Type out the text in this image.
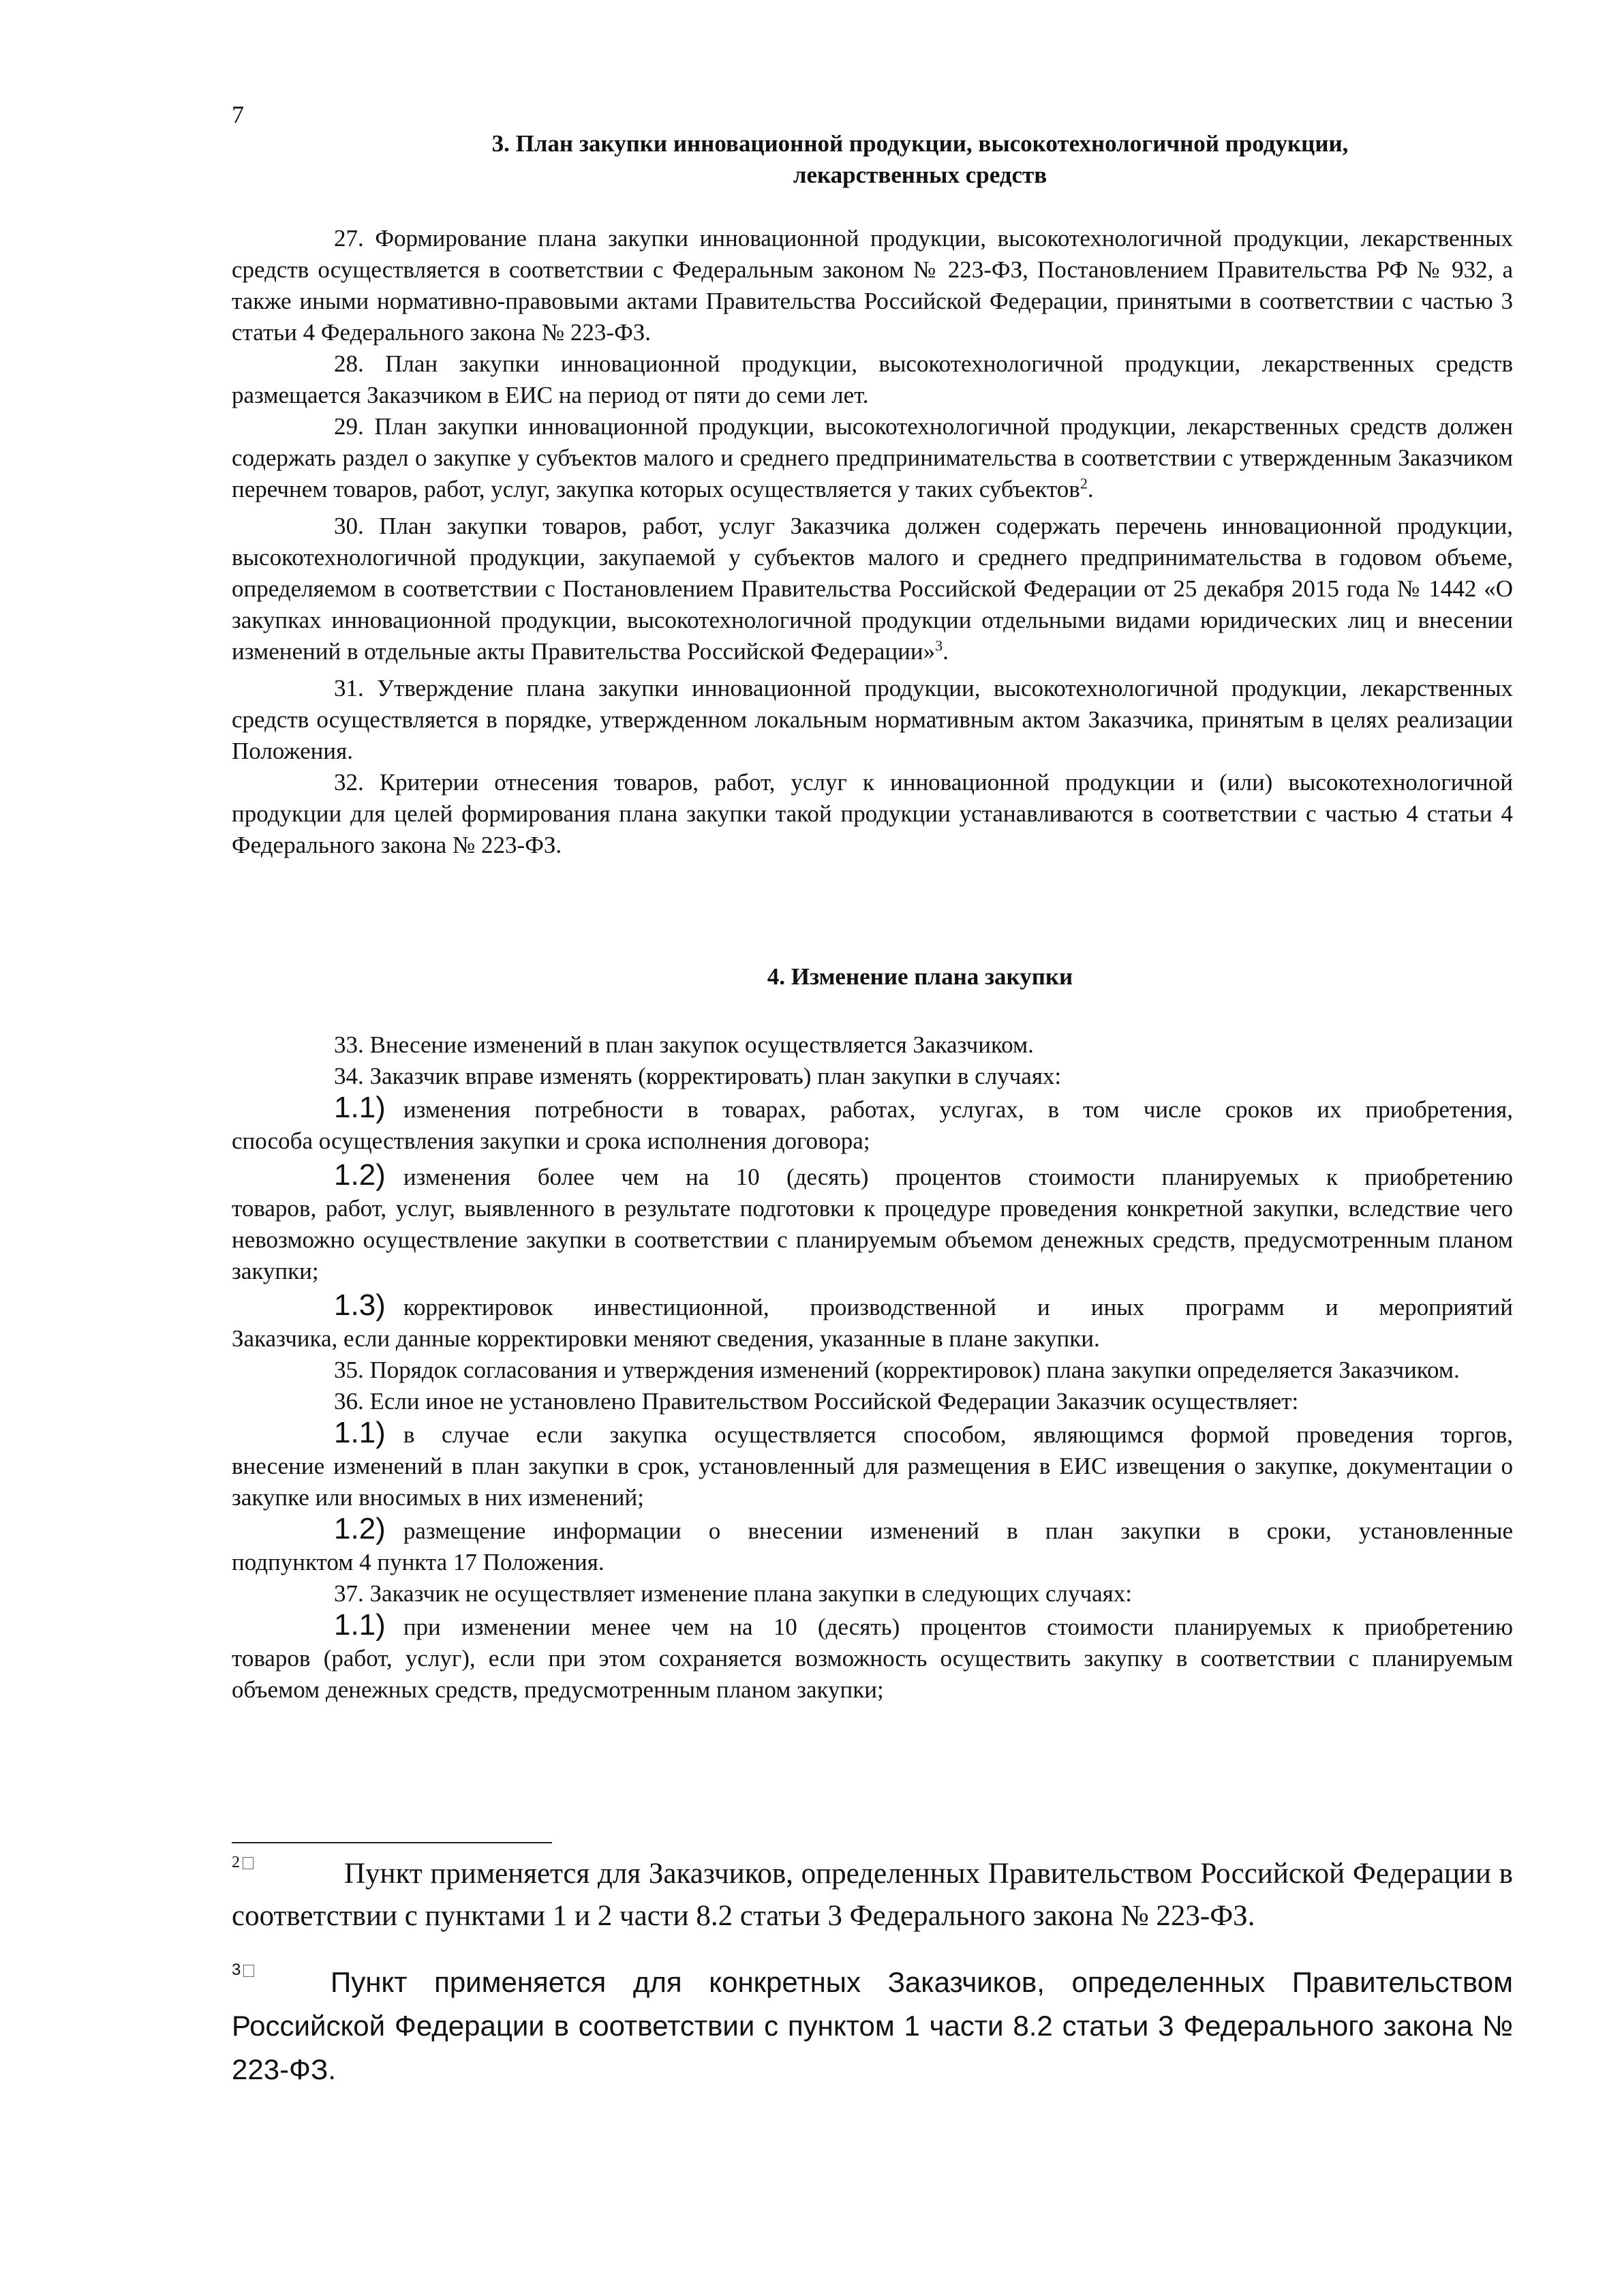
7
3. План закупки инновационной продукции, высокотехнологичной продукции,
лекарственных средств

27. Формирование плана закупки инновационной продукции, высокотехнологичной продукции, лекарственных средств осуществляется в соответствии с Федеральным законом № 223-ФЗ, Постановлением Правительства РФ № 932, а также иными нормативно-правовыми актами Правительства Российской Федерации, принятыми в соответствии с частью 3 статьи 4 Федерального закона № 223-ФЗ.

28. План закупки инновационной продукции, высокотехнологичной продукции, лекарственных средств размещается Заказчиком в ЕИС на период от пяти до семи лет.

29. План закупки инновационной продукции, высокотехнологичной продукции, лекарственных средств должен содержать раздел о закупке у субъектов малого и среднего предпринимательства в соответствии с утвержденным Заказчиком перечнем товаров, работ, услуг, закупка которых осуществляется у таких субъектов$^2$.

30. План закупки товаров, работ, услуг Заказчика должен содержать перечень инновационной продукции, высокотехнологичной продукции, закупаемой у субъектов малого и среднего предпринимательства в годовом объеме, определяемом в соответствии с Постановлением Правительства Российской Федерации от 25 декабря 2015 года № 1442 «О закупках инновационной продукции, высокотехнологичной продукции отдельными видами юридических лиц и внесении изменений в отдельные акты Правительства Российской Федерации»$^3$.

31. Утверждение плана закупки инновационной продукции, высокотехнологичной продукции, лекарственных средств осуществляется в порядке, утвержденном локальным нормативным актом Заказчика, принятым в целях реализации Положения.

32. Критерии отнесения товаров, работ, услуг к инновационной продукции и (или) высокотехнологичной продукции для целей формирования плана закупки такой продукции устанавливаются в соответствии с частью 4 статьи 4 Федерального закона № 223-ФЗ.

4. Изменение плана закупки

33. Внесение изменений в план закупок осуществляется Заказчиком.

34. Заказчик вправе изменять (корректировать) план закупки в случаях:

1.1) изменения потребности в товарах, работах, услугах, в том числе сроков их приобретения,
способа осуществления закупки и срока исполнения договора;
1.2) изменения более чем на 10 (десять) процентов стоимости планируемых к приобретению
товаров, работ, услуг, выявленного в результате подготовки к процедуре проведения конкретной закупки, вследствие чего невозможно осуществление закупки в соответствии с планируемым объемом денежных средств, предусмотренным планом закупки;
1.3) корректировок инвестиционной, производственной и иных программ и мероприятий
Заказчика, если данные корректировки меняют сведения, указанные в плане закупки.

35. Порядок согласования и утверждения изменений (корректировок) плана закупки определяется Заказчиком.

36. Если иное не установлено Правительством Российской Федерации Заказчик осуществляет:

1.1) в случае если закупка осуществляется способом, являющимся формой проведения торгов,
внесение изменений в план закупки в срок, установленный для размещения в ЕИС извещения о закупке, документации о закупке или вносимых в них изменений;
1.2) размещение информации о внесении изменений в план закупки в сроки, установленные
подпунктом 4 пункта 17 Положения.

37. Заказчик не осуществляет изменение плана закупки в следующих случаях:

1.1) при изменении менее чем на 10 (десять) процентов стоимости планируемых к приобретению
товаров (работ, услуг), если при этом сохраняется возможность осуществить закупку в соответствии с планируемым объемом денежных средств, предусмотренным планом закупки;
2	Пункт применяется для Заказчиков, определенных Правительством Российской Федерации в соответствии с пунктами 1 и 2 части 8.2 статьи 3 Федерального закона № 223-ФЗ.
3	Пункт применяется для конкретных Заказчиков, определенных Правительством Российской Федерации в соответствии с пунктом 1 части 8.2 статьи 3 Федерального закона № 223-ФЗ.
